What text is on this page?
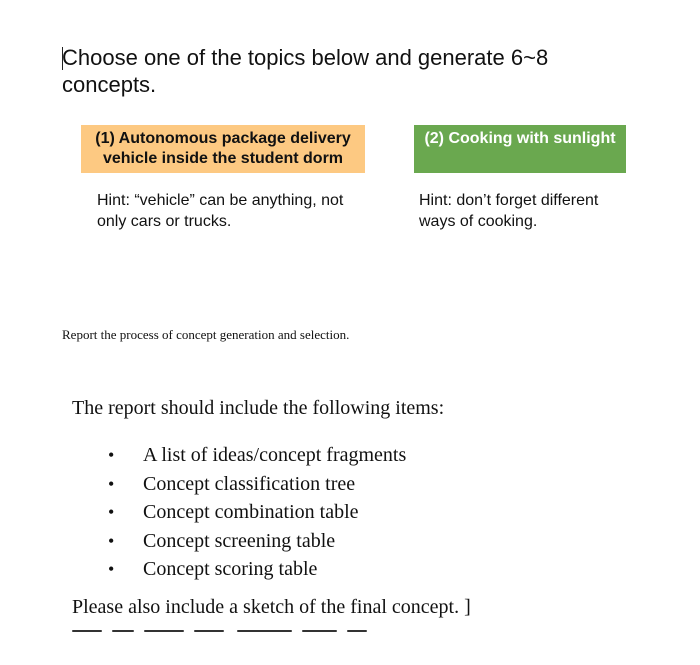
Choose one of the topics below and generate 6~8 concepts.
(1) Autonomous package delivery vehicle inside the student dorm
(2) Cooking with sunlight
Hint: “vehicle” can be anything, not only cars or trucks.
Hint: don’t forget different ways of cooking.
Report the process of concept generation and selection.
The report should include the following items:
• A list of ideas/concept fragments
• Concept classification tree
• Concept combination table
• Concept screening table
• Concept scoring table
Please also include a sketch of the final concept. ]
